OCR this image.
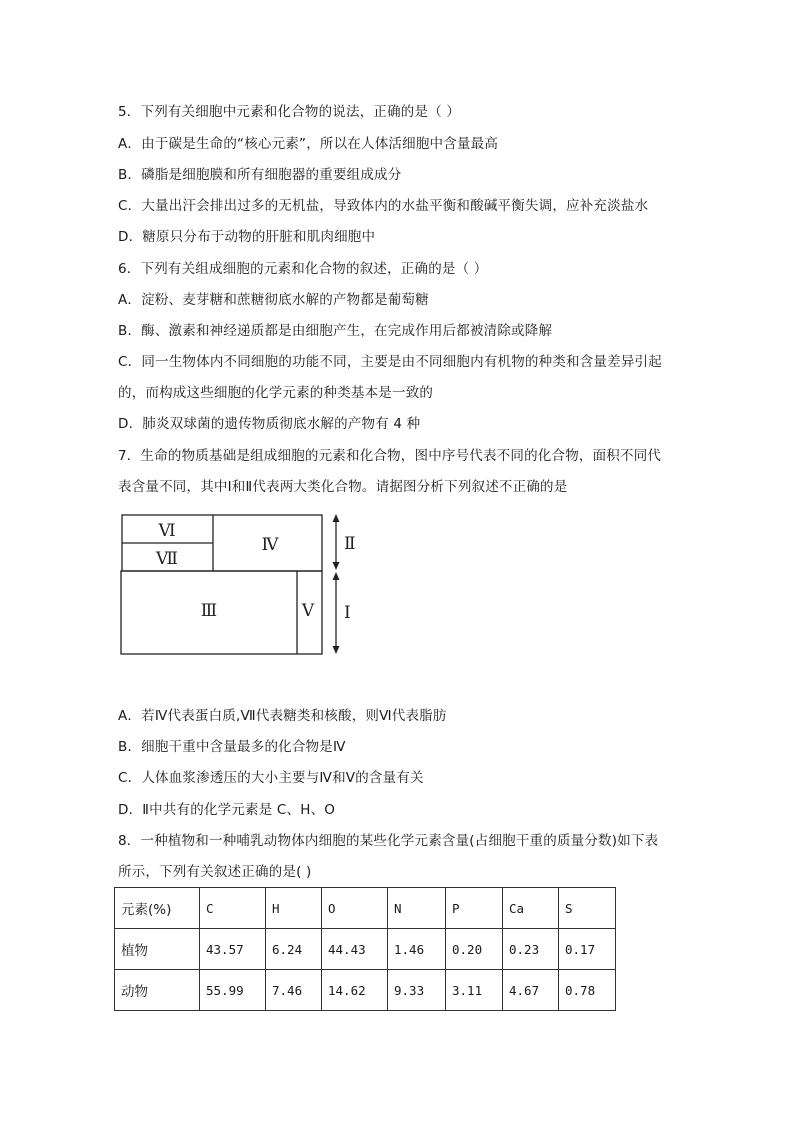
5．下列有关细胞中元素和化合物的说法，正确的是（ ）
A．由于碳是生命的“核心元素”，所以在人体活细胞中含量最高
B．磷脂是细胞膜和所有细胞器的重要组成成分
C．大量出汗会排出过多的无机盐，导致体内的水盐平衡和酸碱平衡失调，应补充淡盐水
D．糖原只分布于动物的肝脏和肌肉细胞中
6．下列有关组成细胞的元素和化合物的叙述，正确的是（ ）
A．淀粉、麦芽糖和蔗糖彻底水解的产物都是葡萄糖
B．酶、激素和神经递质都是由细胞产生，在完成作用后都被清除或降解
C．同一生物体内不同细胞的功能不同，主要是由不同细胞内有机物的种类和含量差异引起
的，而构成这些细胞的化学元素的种类基本是一致的
D．肺炎双球菌的遗传物质彻底水解的产物有 4 种
7．生命的物质基础是组成细胞的元素和化合物，图中序号代表不同的化合物，面积不同代
表含量不同，其中Ⅰ和Ⅱ代表两大类化合物。请据图分析下列叙述不正确的是
Ⅵ
Ⅶ
Ⅳ
Ⅲ	Ⅴ
Ⅱ
Ⅰ
A．若Ⅳ代表蛋白质,Ⅶ代表糖类和核酸，则Ⅵ代表脂肪
B．细胞干重中含量最多的化合物是Ⅳ
C．人体血浆渗透压的大小主要与Ⅳ和Ⅴ的含量有关
D．Ⅱ中共有的化学元素是 C、H、O
8．一种植物和一种哺乳动物体内细胞的某些化学元素含量(占细胞干重的质量分数)如下表
所示，下列有关叙述正确的是( )
元素(%)	C	H	O	N	P	Ca	S
植物	43.57	6.24	44.43	1.46	0.20	0.23	0.17
动物	55.99	7.46	14.62	9.33	3.11	4.67	0.78
